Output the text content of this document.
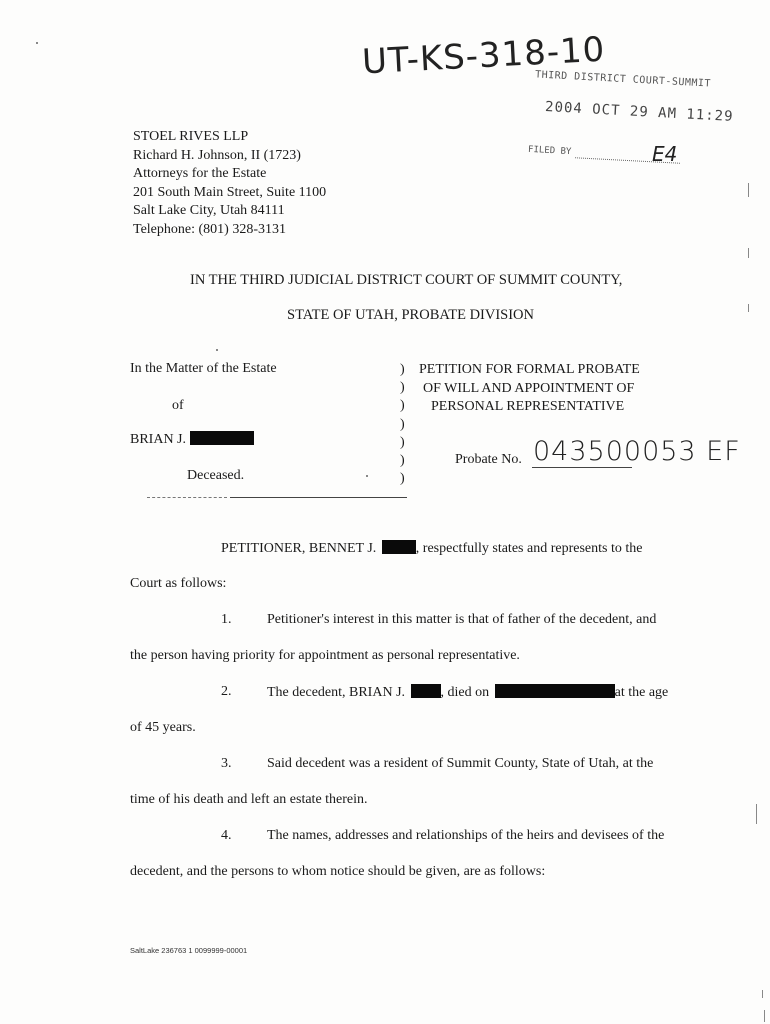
UT-KS-318-10
THIRD DISTRICT COURT-SUMMIT
2004 OCT 29 AM 11:29
FILED BY	E4
STOEL RIVES LLP
Richard H. Johnson, II (1723)
Attorneys for the Estate
201 South Main Street, Suite 1100
Salt Lake City, Utah 84111
Telephone: (801) 328-3131
IN THE THIRD JUDICIAL DISTRICT COURT OF SUMMIT COUNTY,
STATE OF UTAH, PROBATE DIVISION
In the Matter of the Estate
of
BRIAN J.
Deceased.
)
)
)
)
)
)
)
PETITION FOR FORMAL PROBATE
OF WILL AND APPOINTMENT OF
PERSONAL REPRESENTATIVE
Probate No. 043500053 EF
PETITIONER, BENNET J.	, respectfully states and represents to the
Court as follows:
1.	Petitioner's interest in this matter is that of father of the decedent, and
the person having priority for appointment as personal representative.
2.	The decedent, BRIAN J.	, died on	at the age
of 45 years.
3.	Said decedent was a resident of Summit County, State of Utah, at the
time of his death and left an estate therein.
4.	The names, addresses and relationships of the heirs and devisees of the
decedent, and the persons to whom notice should be given, are as follows:
SaltLake 236763 1 0099999-00001
